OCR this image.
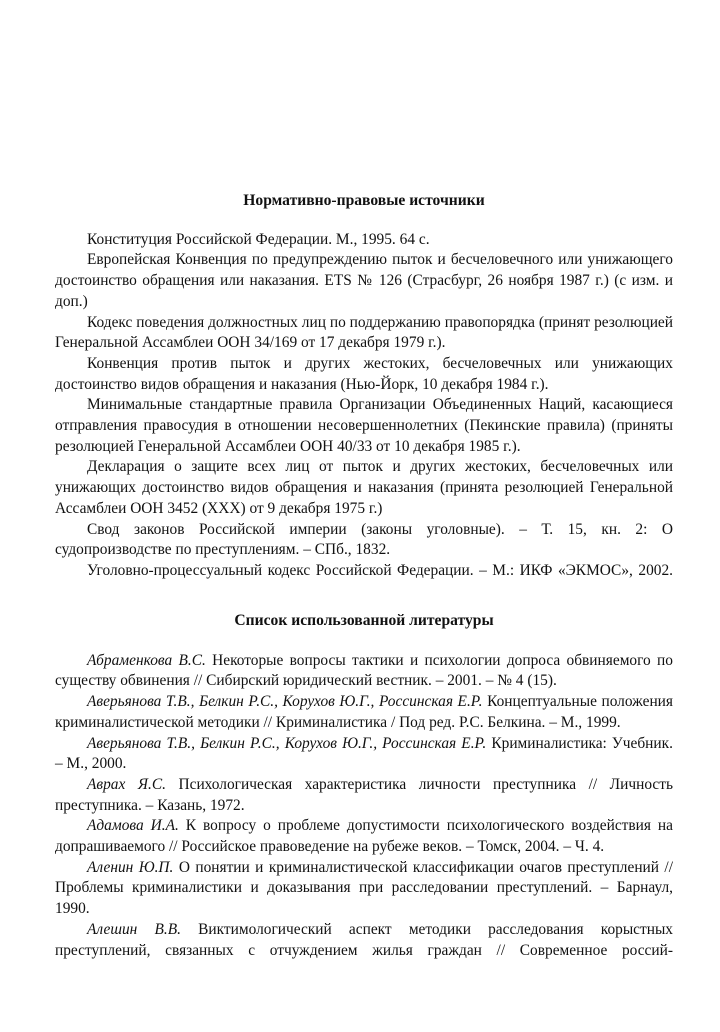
Нормативно-правовые источники

Конституция Российской Федерации. М., 1995. 64 с.

Европейская Конвенция по предупреждению пыток и бесчеловечного или унижающего достоинство обращения или наказания. ETS № 126 (Страсбург, 26 ноября 1987 г.) (с изм. и доп.)

Кодекс поведения должностных лиц по поддержанию правопорядка (принят резолюцией Генеральной Ассамблеи ООН 34/169 от 17 декабря 1979 г.).

Конвенция против пыток и других жестоких, бесчеловечных или унижающих достоинство видов обращения и наказания (Нью-Йорк, 10 декабря 1984 г.).

Минимальные стандартные правила Организации Объединенных Наций, касающиеся отправления правосудия в отношении несовершеннолетних (Пекинские правила) (приняты резолюцией Генеральной Ассамблеи ООН 40/33 от 10 декабря 1985 г.).

Декларация о защите всех лиц от пыток и других жестоких, бесчеловечных или унижающих достоинство видов обращения и наказания (принята резолюцией Генеральной Ассамблеи ООН 3452 (XXX) от 9 декабря 1975 г.)

Свод законов Российской империи (законы уголовные). – Т. 15, кн. 2: О судопроизводстве по преступлениям. – СПб., 1832.

Уголовно-процессуальный кодекс Российской Федерации. – М.: ИКФ «ЭКМОС», 2002.

Список использованной литературы

Абраменкова В.С. Некоторые вопросы тактики и психологии допроса обвиняемого по существу обвинения // Сибирский юридический вестник. – 2001. – № 4 (15).

Аверьянова Т.В., Белкин Р.С., Корухов Ю.Г., Россинская Е.Р. Концептуальные положения криминалистической методики // Криминалистика / Под ред. Р.С. Белкина. – М., 1999.

Аверьянова Т.В., Белкин Р.С., Корухов Ю.Г., Россинская Е.Р. Криминалистика: Учебник. – М., 2000.

Аврах Я.С. Психологическая характеристика личности преступника // Личность преступника. – Казань, 1972.

Адамова И.А. К вопросу о проблеме допустимости психологического воздействия на допрашиваемого // Российское правоведение на рубеже веков. – Томск, 2004. – Ч. 4.

Аленин Ю.П. О понятии и криминалистической классификации очагов преступлений // Проблемы криминалистики и доказывания при расследовании преступлений. – Барнаул, 1990.

Алешин В.В. Виктимологический аспект методики расследования корыстных преступлений, связанных с отчуждением жилья граждан // Современное россий-
